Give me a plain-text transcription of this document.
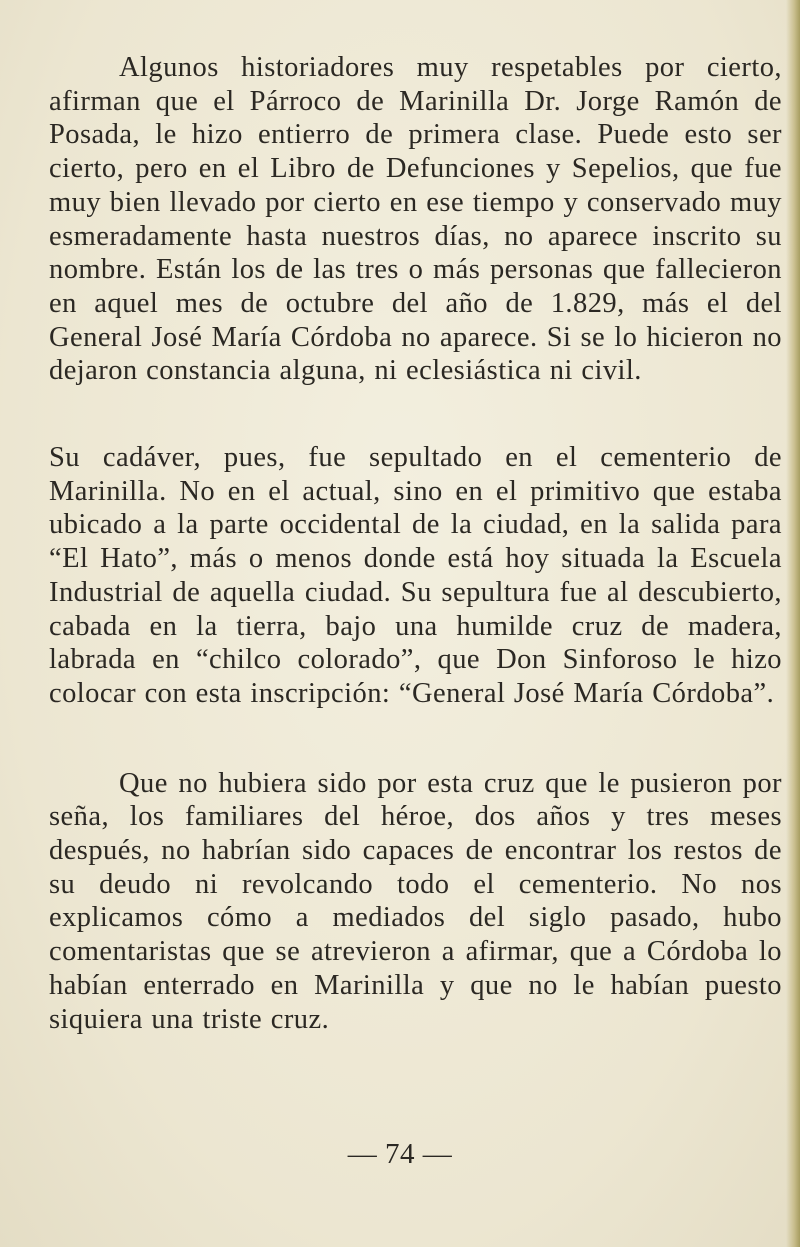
Algunos historiadores muy respetables por cierto, afirman que el Párroco de Marinilla Dr. Jorge Ramón de Posada, le hizo entierro de primera clase. Puede esto ser cierto, pero en el Libro de Defunciones y Sepelios, que fue muy bien llevado por cierto en ese tiempo y conservado muy esmeradamente hasta nuestros días, no aparece inscrito su nombre. Están los de las tres o más personas que fallecieron en aquel mes de octubre del año de 1.829, más el del General José María Córdoba no aparece. Si se lo hicieron no dejaron constancia alguna, ni eclesiástica ni civil.

Su cadáver, pues, fue sepultado en el cementerio de Marinilla. No en el actual, sino en el primitivo que estaba ubicado a la parte occidental de la ciudad, en la salida para “El Hato”, más o menos donde está hoy situada la Escuela Industrial de aquella ciudad. Su sepultura fue al descubierto, cabada en la tierra, bajo una humilde cruz de madera, labrada en “chilco colorado”, que Don Sinforoso le hizo colocar con esta inscripción: “General José María Córdoba”.

Que no hubiera sido por esta cruz que le pusieron por seña, los familiares del héroe, dos años y tres meses después, no habrían sido capaces de encontrar los restos de su deudo ni revolcando todo el cementerio. No nos explicamos cómo a mediados del siglo pasado, hubo comentaristas que se atrevieron a afirmar, que a Córdoba lo habían enterrado en Marinilla y que no le habían puesto siquiera una triste cruz.

— 74 —
